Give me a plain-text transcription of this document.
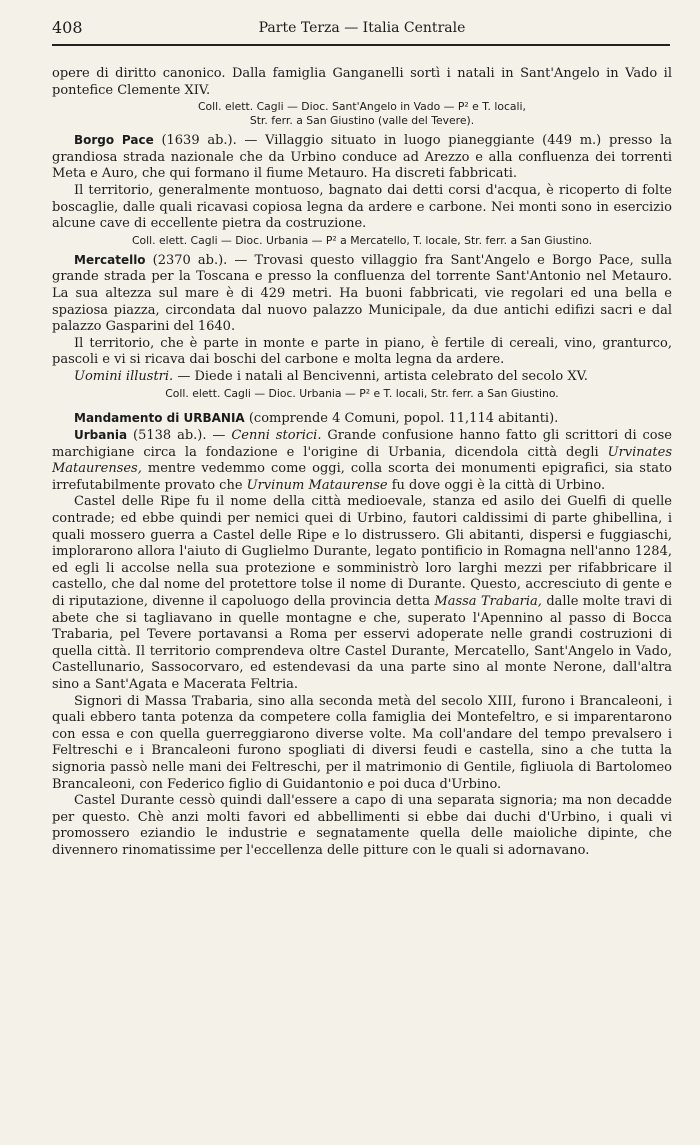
408	Parte Terza — Italia Centrale

opere di diritto canonico. Dalla famiglia Ganganelli sortì i natali in Sant'Angelo in Vado il pontefice Clemente XIV.

Coll. elett. Cagli — Dioc. Sant'Angelo in Vado — P² e T. locali,
Str. ferr. a San Giustino (valle del Tevere).

Borgo Pace (1639 ab.). — Villaggio situato in luogo pianeggiante (449 m.) presso la grandiosa strada nazionale che da Urbino conduce ad Arezzo e alla confluenza dei torrenti Meta e Auro, che qui formano il fiume Metauro. Ha discreti fabbricati.

Il territorio, generalmente montuoso, bagnato dai detti corsi d'acqua, è ricoperto di folte boscaglie, dalle quali ricavasi copiosa legna da ardere e carbone. Nei monti sono in esercizio alcune cave di eccellente pietra da costruzione.

Coll. elett. Cagli — Dioc. Urbania — P² a Mercatello, T. locale, Str. ferr. a San Giustino.

Mercatello (2370 ab.). — Trovasi questo villaggio fra Sant'Angelo e Borgo Pace, sulla grande strada per la Toscana e presso la confluenza del torrente Sant'Antonio nel Metauro. La sua altezza sul mare è di 429 metri. Ha buoni fabbricati, vie regolari ed una bella e spaziosa piazza, circondata dal nuovo palazzo Municipale, da due antichi edifizi sacri e dal palazzo Gasparini del 1640.

Il territorio, che è parte in monte e parte in piano, è fertile di cereali, vino, granturco, pascoli e vi si ricava dai boschi del carbone e molta legna da ardere.

Uomini illustri. — Diede i natali al Bencivenni, artista celebrato del secolo XV.

Coll. elett. Cagli — Dioc. Urbania — P² e T. locali, Str. ferr. a San Giustino.

Mandamento di URBANIA (comprende 4 Comuni, popol. 11,114 abitanti).

Urbania (5138 ab.). — Cenni storici. Grande confusione hanno fatto gli scrittori di cose marchigiane circa la fondazione e l'origine di Urbania, dicendola città degli Urvinates Mataurenses, mentre vedemmo come oggi, colla scorta dei monumenti epigrafici, sia stato irrefutabilmente provato che Urvinum Mataurense fu dove oggi è la città di Urbino.

Castel delle Ripe fu il nome della città medioevale, stanza ed asilo dei Guelfi di quelle contrade; ed ebbe quindi per nemici quei di Urbino, fautori caldissimi di parte ghibellina, i quali mossero guerra a Castel delle Ripe e lo distrussero. Gli abitanti, dispersi e fuggiaschi, implorarono allora l'aiuto di Guglielmo Durante, legato pontificio in Romagna nell'anno 1284, ed egli li accolse nella sua protezione e somministrò loro larghi mezzi per rifabbricare il castello, che dal nome del protettore tolse il nome di Durante. Questo, accresciuto di gente e di riputazione, divenne il capoluogo della provincia detta Massa Trabaria, dalle molte travi di abete che si tagliavano in quelle montagne e che, superato l'Apennino al passo di Bocca Trabaria, pel Tevere portavansi a Roma per esservi adoperate nelle grandi costruzioni di quella città. Il territorio comprendeva oltre Castel Durante, Mercatello, Sant'Angelo in Vado, Castellunario, Sassocorvaro, ed estendevasi da una parte sino al monte Nerone, dall'altra sino a Sant'Agata e Macerata Feltria.

Signori di Massa Trabaria, sino alla seconda metà del secolo XIII, furono i Brancaleoni, i quali ebbero tanta potenza da competere colla famiglia dei Montefeltro, e si imparentarono con essa e con quella guerreggiarono diverse volte. Ma coll'andare del tempo prevalsero i Feltreschi e i Brancaleoni furono spogliati di diversi feudi e castella, sino a che tutta la signoria passò nelle mani dei Feltreschi, per il matrimonio di Gentile, figliuola di Bartolomeo Brancaleoni, con Federico figlio di Guidantonio e poi duca d'Urbino.

Castel Durante cessò quindi dall'essere a capo di una separata signoria; ma non decadde per questo. Chè anzi molti favori ed abbellimenti si ebbe dai duchi d'Urbino, i quali vi promossero eziandio le industrie e segnatamente quella delle maioliche dipinte, che divennero rinomatissime per l'eccellenza delle pitture con le quali si adornavano.
